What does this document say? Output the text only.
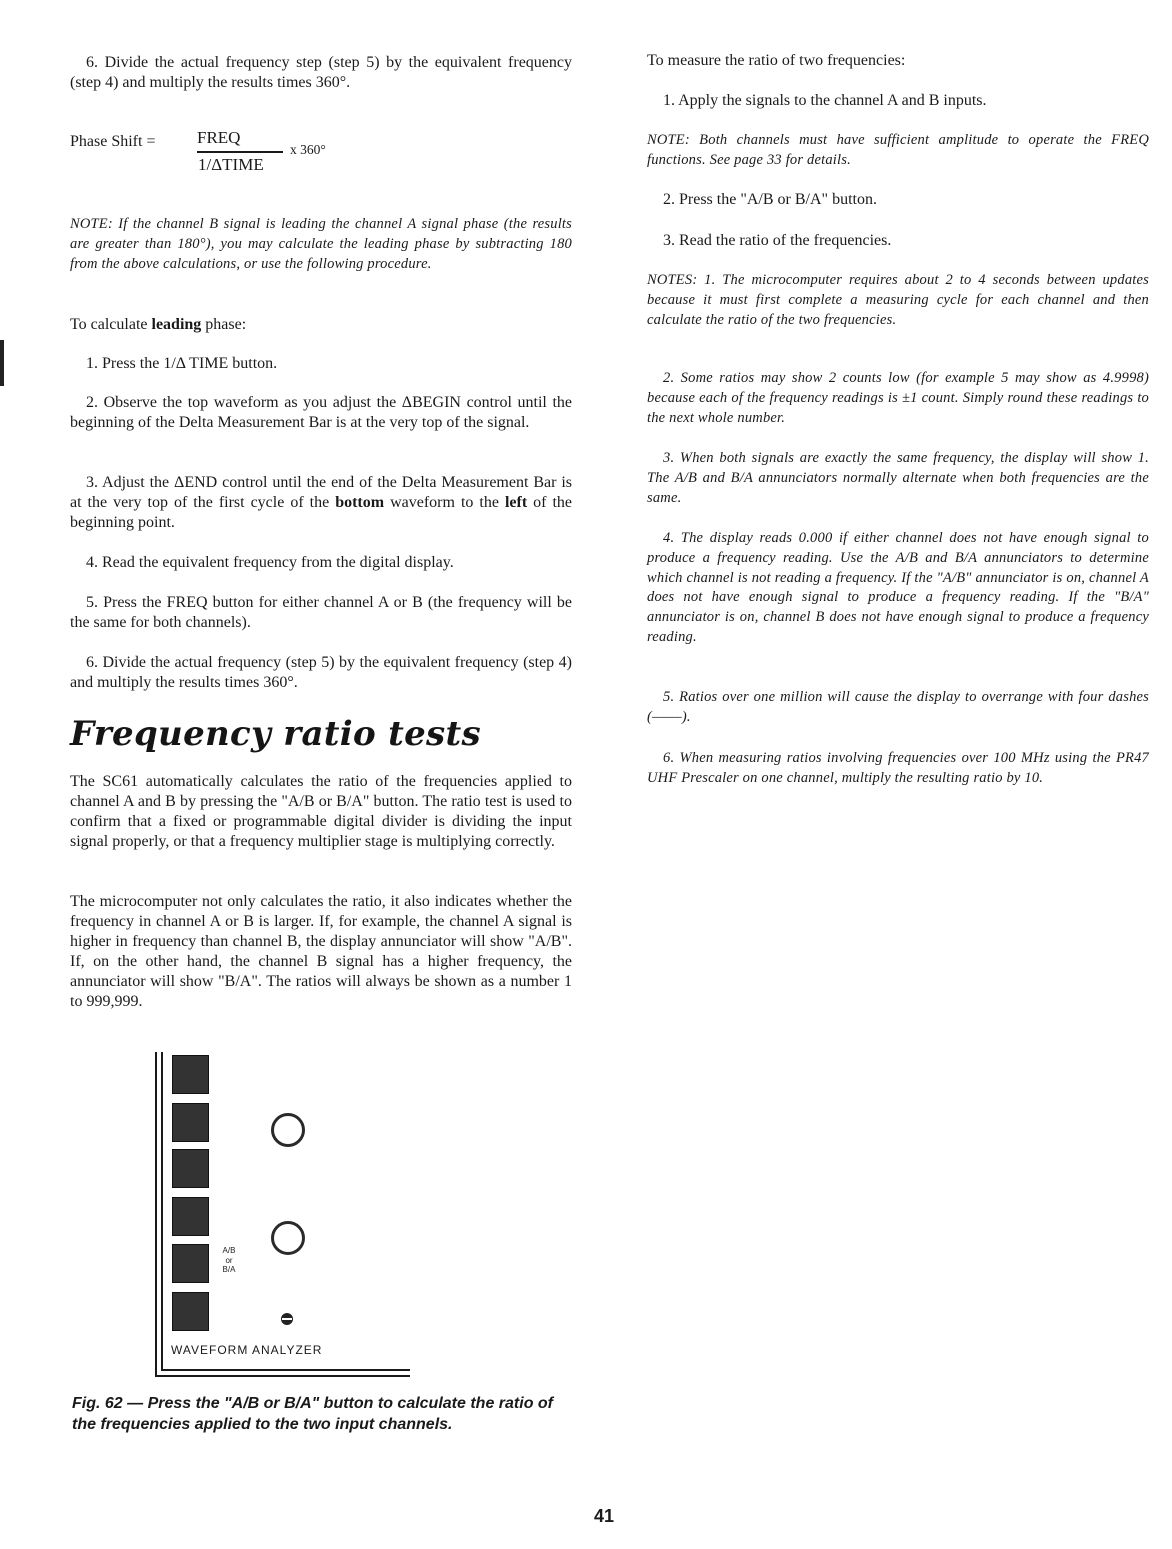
6. Divide the actual frequency step (step 5) by the equivalent frequency (step 4) and multiply the results times 360°.

Phase Shift = FREQ
1/ΔTIME
x 360°

NOTE: If the channel B signal is leading the channel A signal phase (the results are greater than 180°), you may calculate the leading phase by subtracting 180 from the above calculations, or use the following procedure.

To calculate leading phase:

1. Press the 1/Δ TIME button.

2. Observe the top waveform as you adjust the ΔBEGIN control until the beginning of the Delta Measurement Bar is at the very top of the signal.

3. Adjust the ΔEND control until the end of the Delta Measurement Bar is at the very top of the first cycle of the bottom waveform to the left of the beginning point.

4. Read the equivalent frequency from the digital display.

5. Press the FREQ button for either channel A or B (the frequency will be the same for both channels).

6. Divide the actual frequency (step 5) by the equivalent frequency (step 4) and multiply the results times 360°.

Frequency ratio tests

The SC61 automatically calculates the ratio of the frequencies applied to channel A and B by pressing the "A/B or B/A" button. The ratio test is used to confirm that a fixed or programmable digital divider is dividing the input signal properly, or that a frequency multiplier stage is multiplying correctly.

The microcomputer not only calculates the ratio, it also indicates whether the frequency in channel A or B is larger. If, for example, the channel A signal is higher in frequency than channel B, the display annunciator will show "A/B". If, on the other hand, the channel B signal has a higher frequency, the annunciator will show "B/A". The ratios will always be shown as a number 1 to 999,999.

A/B
or
B/A
WAVEFORM ANALYZER

Fig. 62 — Press the "A/B or B/A" button to calculate the ratio of the frequencies applied to the two input channels.

To measure the ratio of two frequencies:

1. Apply the signals to the channel A and B inputs.

NOTE: Both channels must have sufficient amplitude to operate the FREQ functions. See page 33 for details.

2. Press the "A/B or B/A" button.

3. Read the ratio of the frequencies.

NOTES: 1. The microcomputer requires about 2 to 4 seconds between updates because it must first complete a measuring cycle for each channel and then calculate the ratio of the two frequencies.

2. Some ratios may show 2 counts low (for example 5 may show as 4.9998) because each of the frequency readings is ±1 count. Simply round these readings to the next whole number.

3. When both signals are exactly the same frequency, the display will show 1. The A/B and B/A annunciators normally alternate when both frequencies are the same.

4. The display reads 0.000 if either channel does not have enough signal to produce a frequency reading. Use the A/B and B/A annunciators to determine which channel is not reading a frequency. If the "A/B" annunciator is on, channel A does not have enough signal to produce a frequency reading. If the "B/A" annunciator is on, channel B does not have enough signal to produce a frequency reading.

5. Ratios over one million will cause the display to overrange with four dashes (––––).

6. When measuring ratios involving frequencies over 100 MHz using the PR47 UHF Prescaler on one channel, multiply the resulting ratio by 10.

41
